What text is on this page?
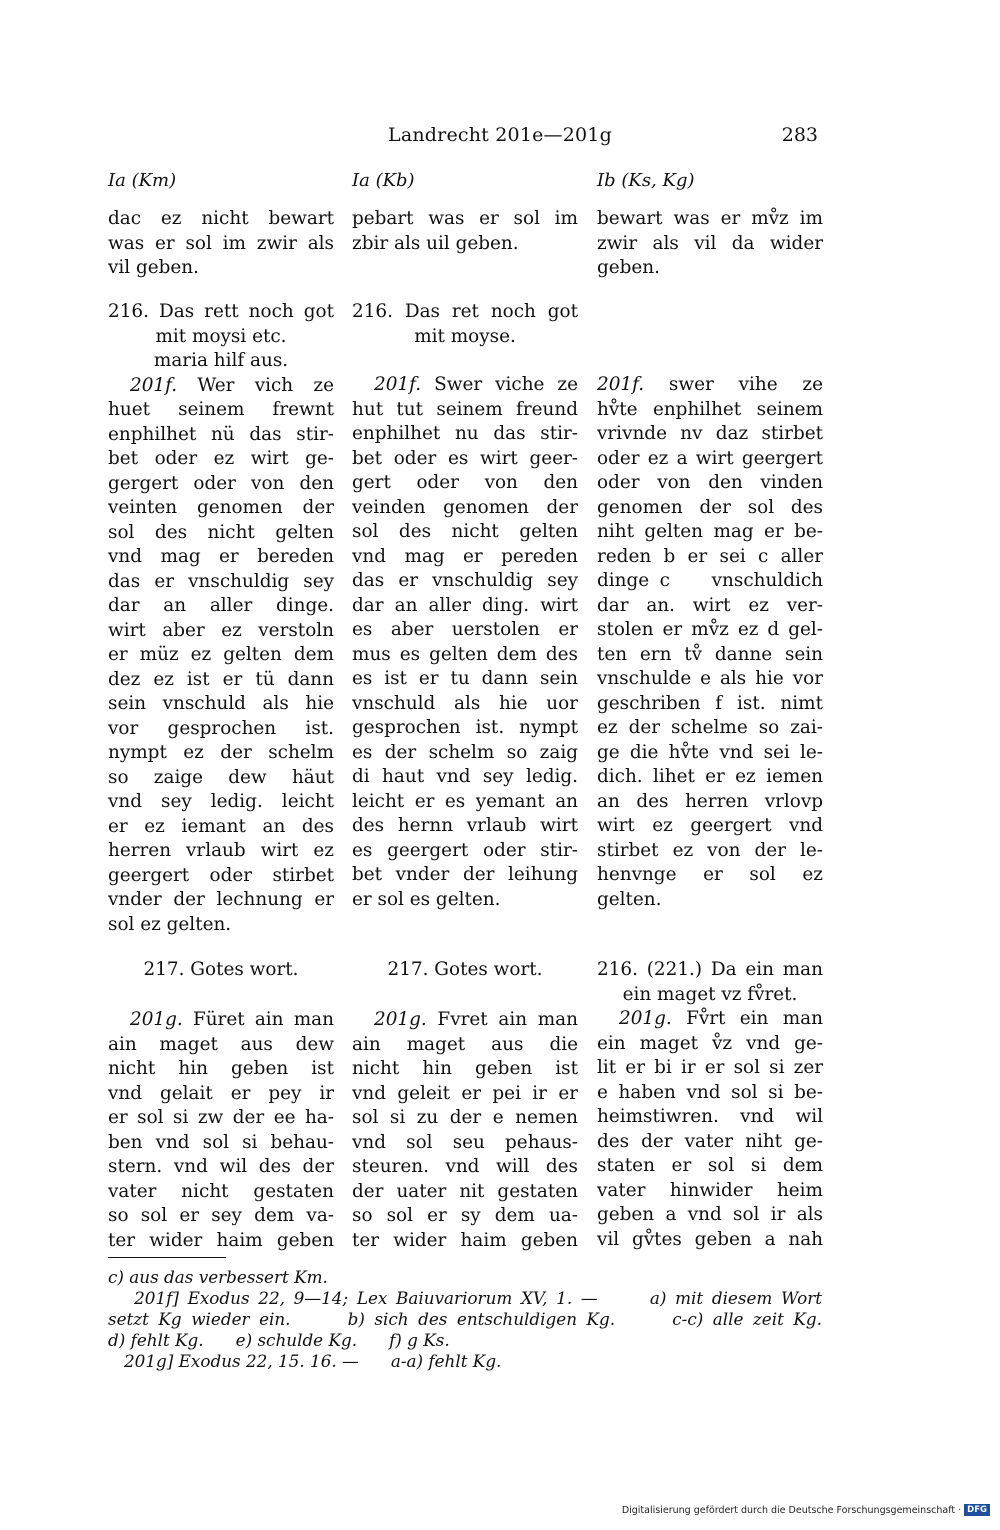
Landrecht 201e—201g	283
Ia (Km)
dac ez nicht bewart
was er sol im zwir als
vil geben.
216. Das rett noch got
mit moysi etc.
maria hilf aus.
201f. Wer vich ze
huet seinem frewnt
enphilhet nü das stir-
bet oder ez wirt ge-
gergert oder von den
veinten genomen der
sol des nicht gelten
vnd mag er bereden
das er vnschuldig sey
dar an aller dinge.
wirt aber ez verstoln
er müz ez gelten dem
dez ez ist er tü dann
sein vnschuld als hie
vor gesprochen ist.
nympt ez der schelm
so zaige dew häut
vnd sey ledig. leicht
er ez iemant an des
herren vrlaub wirt ez
geergert oder stirbet
vnder der lechnung er
sol ez gelten.
217. Gotes wort.
201g. Füret ain man
ain maget aus dew
nicht hin geben ist
vnd gelait er pey ir
er sol si zw der ee ha-
ben vnd sol si behau-
stern. vnd wil des der
vater nicht gestaten
so sol er sey dem va-
ter wider haim geben
Ia (Kb)
pebart was er sol im
zbir als uil geben.
216. Das ret noch got
mit moyse.
201f. Swer viche ze
hut tut seinem freund
enphilhet nu das stir-
bet oder es wirt geer-
gert oder von den
veinden genomen der
sol des nicht gelten
vnd mag er pereden
das er vnschuldig sey
dar an aller ding. wirt
es aber uerstolen er
mus es gelten dem des
es ist er tu dann sein
vnschuld als hie uor
gesprochen ist. nympt
es der schelm so zaig
di haut vnd sey ledig.
leicht er es yemant an
des hernn vrlaub wirt
es geergert oder stir-
bet vnder der leihung
er sol es gelten.
217. Gotes wort.
201g. Fvret ain man
ain maget aus die
nicht hin geben ist
vnd geleit er pei ir er
sol si zu der e nemen
vnd sol seu pehaus-
steuren. vnd will des
der uater nit gestaten
so sol er sy dem ua-
ter wider haim geben
Ib (Ks, Kg)
bewart was er mv̊z im
zwir als vil da wider
geben.
201f. swer vihe ze
hv̊te enphilhet seinem
vrivnde nv daz stirbet
oder ez a wirt geergert
oder von den vinden
genomen der sol des
niht gelten mag er be-
reden b er sei c aller
dinge c    vnschuldich
dar an. wirt ez ver-
stolen er mv̊z ez d gel-
ten ern tv̊ danne sein
vnschulde e als hie vor
geschriben f ist. nimt
ez der schelme so zai-
ge die hv̊te vnd sei le-
dich. lihet er ez iemen
an des herren vrlovp
wirt ez geergert vnd
stirbet ez von der le-
henvnge er sol ez
gelten.
216. (221.) Da ein man
ein maget vz fv̊ret.
201g. Fv̊rt ein man
ein maget v̊z vnd ge-
lit er bi ir er sol si zer
e haben vnd sol si be-
heimstiwren. vnd wil
des der vater niht ge-
staten er sol si dem
vater hinwider heim
geben a vnd sol ir als
vil gv̊tes geben a nah
c) aus das verbessert Km.
201f] Exodus 22, 9—14; Lex Baiuvariorum XV, 1. —      a) mit diesem Wort
setzt Kg wieder ein.      b) sich des entschuldigen Kg.      c-c) alle zeit Kg.
d) fehlt Kg.      e) schulde Kg.      f) g Ks.
201g] Exodus 22, 15. 16. —      a-a) fehlt Kg.
Digitalisierung gefördert durch die Deutsche Forschungsgemeinschaft · DFG
